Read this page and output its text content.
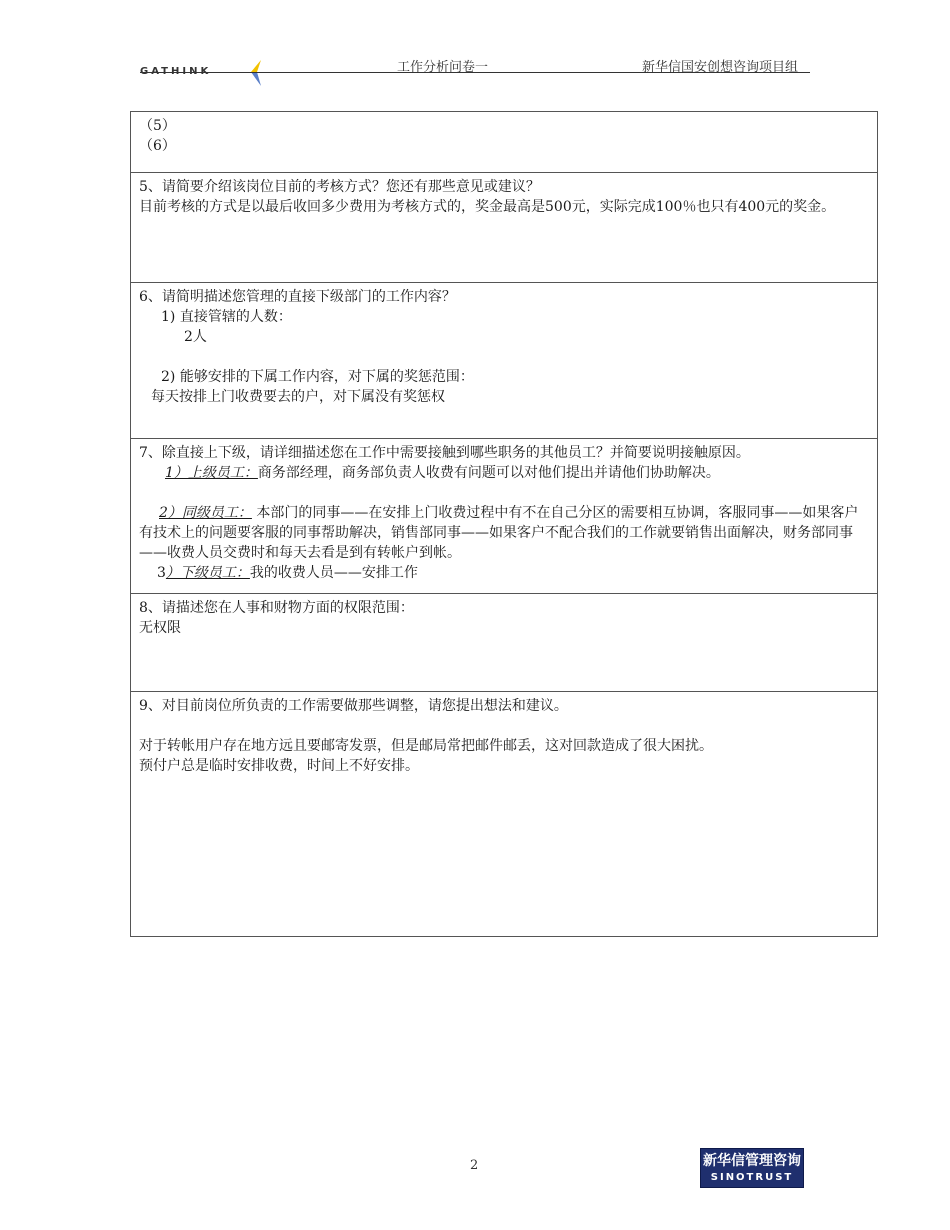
GATHINK	工作分析问卷一	新华信国安创想咨询项目组

（5）

（6）

5、请简要介绍该岗位目前的考核方式？您还有那些意见或建议？

目前考核的方式是以最后收回多少费用为考核方式的，奖金最高是500元，实际完成100％也只有400元的奖金。

6、请简明描述您管理的直接下级部门的工作内容？

1) 直接管辖的人数：

2人

2) 能够安排的下属工作内容，对下属的奖惩范围：

每天按排上门收费要去的户，对下属没有奖惩权

7、除直接上下级，请详细描述您在工作中需要接触到哪些职务的其他员工？并简要说明接触原因。

1）上级员工：商务部经理，商务部负责人收费有问题可以对他们提出并请他们协助解决。

2）同级员工： 本部门的同事——在安排上门收费过程中有不在自己分区的需要相互协调，客服同事——如果客户有技术上的问题要客服的同事帮助解决，销售部同事——如果客户不配合我们的工作就要销售出面解决，财务部同事——收费人员交费时和每天去看是到有转帐户到帐。

3）下级员工：我的收费人员——安排工作

8、请描述您在人事和财物方面的权限范围：

无权限

9、对目前岗位所负责的工作需要做那些调整，请您提出想法和建议。

对于转帐用户存在地方远且要邮寄发票，但是邮局常把邮件邮丢，这对回款造成了很大困扰。

预付户总是临时安排收费，时间上不好安排。

2	新华信管理咨询
SINOTRUST
